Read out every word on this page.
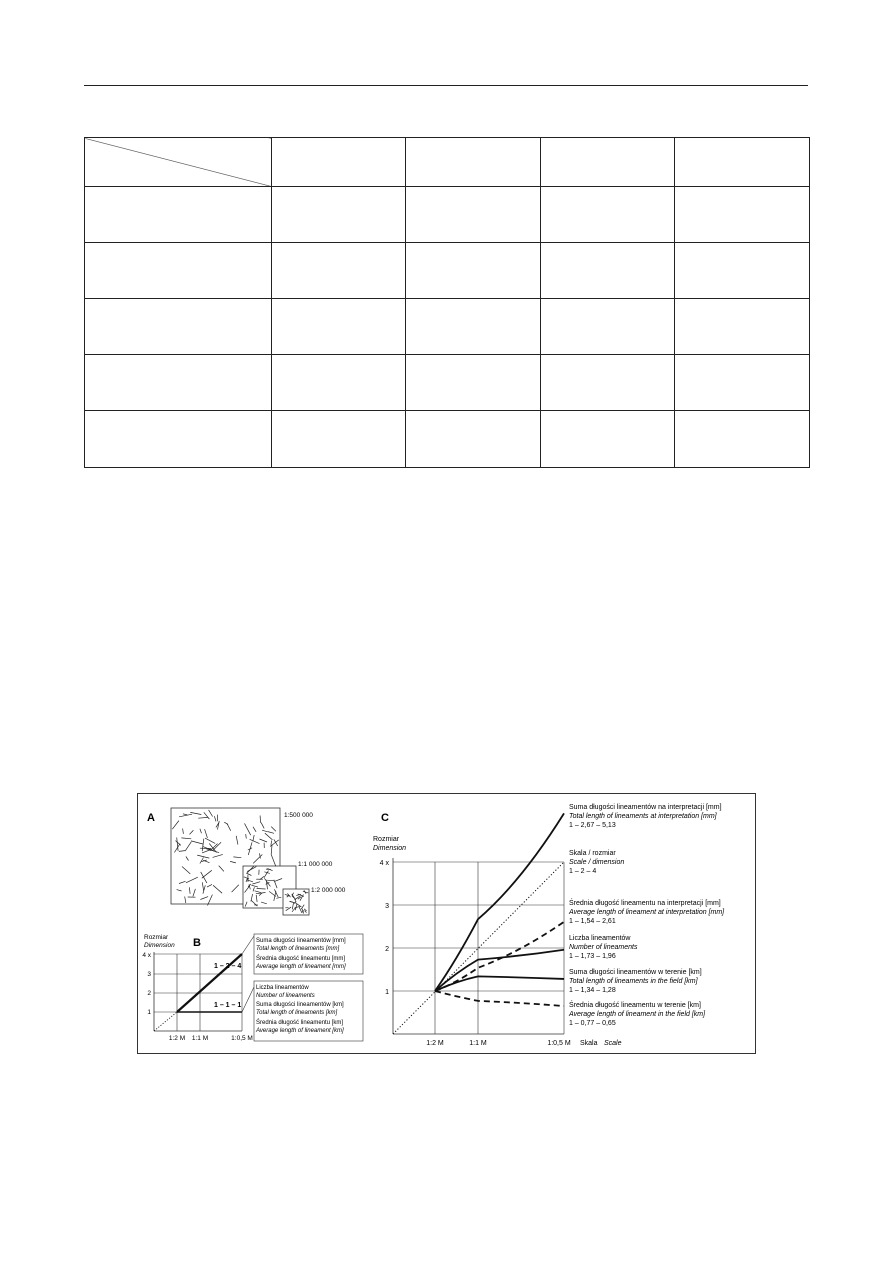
A	1:500 000
1:1 000 000
1:2 000 000
Rozmiar
Dimension B
4 x
3
2
1
1:2 M 1:1 M	1:0,5 M
1 – 2 – 4
1 – 1 – 1
Suma długości lineamentów [mm]
Total length of lineaments [mm]
Średnia długość lineamentu [mm]
Average length of lineament [mm]
Liczba lineamentów
Number of lineaments
Suma długości lineamentów [km]
Total length of lineaments [km]
Średnia długość lineamentu [km]
Average length of lineament [km]
C
Rozmiar
Dimension
4 x
3
2
1
1:2 M	1:1 M	1:0,5 M Skala Scale
Suma długości lineamentów na interpretacji [mm]
Total length of lineaments at interpretation [mm]
1 – 2,67 – 5,13
Skala / rozmiar
Scale / dimension
1 – 2 – 4
Średnia długość lineamentu na interpretacji [mm]
Average length of lineament at interpretation [mm]
1 – 1,54 – 2,61
Liczba lineamentów
Number of lineaments
1 – 1,73 – 1,96
Suma długości lineamentów w terenie [km]
Total length of lineaments in the field [km]
1 – 1,34 – 1,28
Średnia długość lineamentu w terenie [km]
Average length of lineament in the field [km]
1 – 0,77 – 0,65
